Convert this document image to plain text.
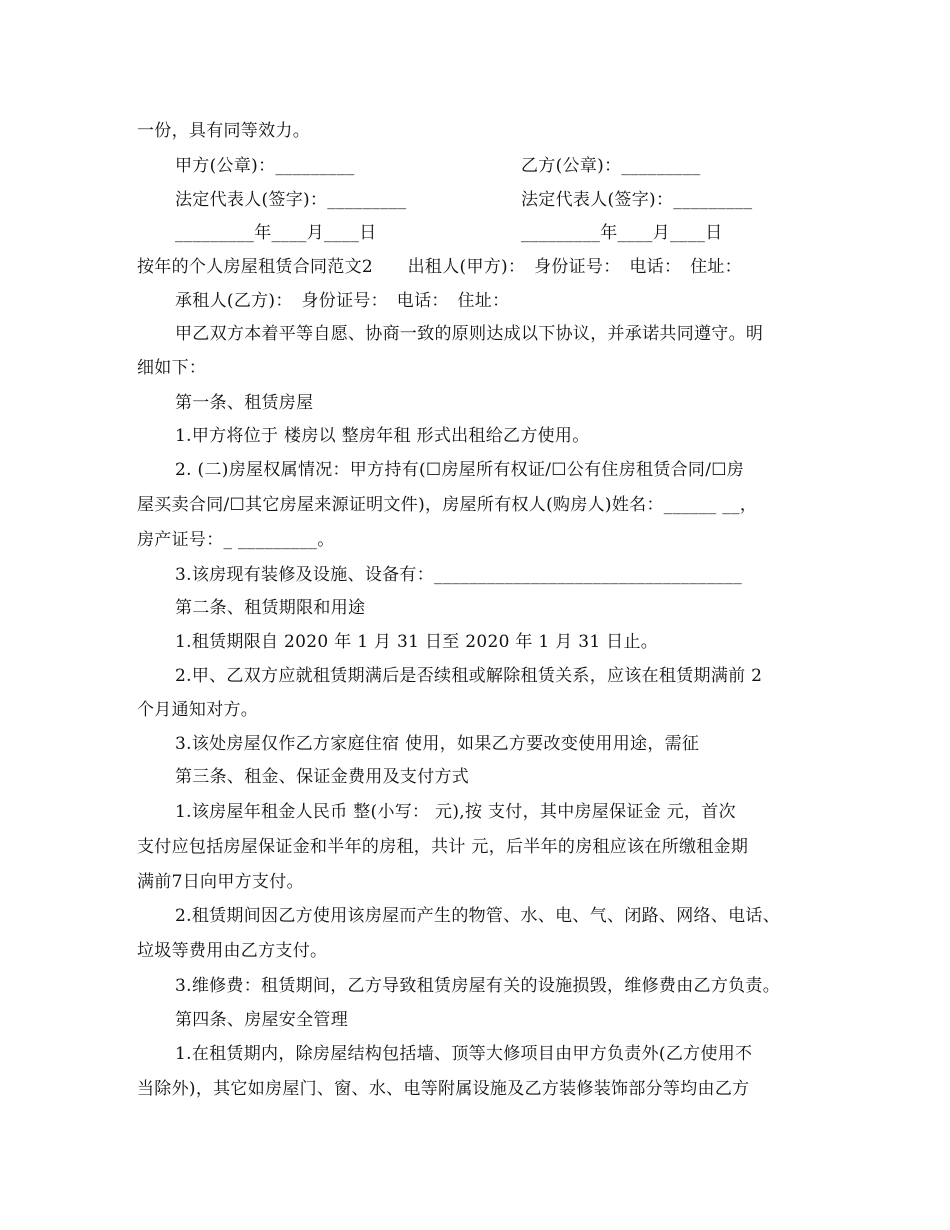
一份，具有同等效力。
甲方(公章)：_________	乙方(公章)：_________
法定代表人(签字)：_________	法定代表人(签字)：_________
_________年____月____日	_________年____月____日
按年的个人房屋租赁合同范文2　　出租人(甲方)：　身份证号：　电话：　住址：
承租人(乙方)：　身份证号：　电话：　住址：
甲乙双方本着平等自愿、协商一致的原则达成以下协议，并承诺共同遵守。明
细如下：
第一条、租赁房屋
1.甲方将位于 楼房以 整房年租 形式出租给乙方使用。
2. (二)房屋权属情况：甲方持有(☐房屋所有权证/☐公有住房租赁合同/☐房
屋买卖合同/☐其它房屋来源证明文件)，房屋所有权人(购房人)姓名：______ __，
房产证号：_ _________。
3.该房现有装修及设施、设备有：___________________________________
第二条、租赁期限和用途
1.租赁期限自 2020 年 1 月 31 日至 2020 年 1 月 31 日止。
2.甲、乙双方应就租赁期满后是否续租或解除租赁关系，应该在租赁期满前 2
个月通知对方。
3.该处房屋仅作乙方家庭住宿 使用，如果乙方要改变使用用途，需征
第三条、租金、保证金费用及支付方式
1.该房屋年租金人民币 整(小写： 元),按 支付，其中房屋保证金 元，首次
支付应包括房屋保证金和半年的房租，共计 元，后半年的房租应该在所缴租金期
满前7日向甲方支付。
2.租赁期间因乙方使用该房屋而产生的物管、水、电、气、闭路、网络、电话、
垃圾等费用由乙方支付。
3.维修费：租赁期间，乙方导致租赁房屋有关的设施损毁，维修费由乙方负责。
第四条、房屋安全管理
1.在租赁期内，除房屋结构包括墙、顶等大修项目由甲方负责外(乙方使用不
当除外)，其它如房屋门、窗、水、电等附属设施及乙方装修装饰部分等均由乙方
